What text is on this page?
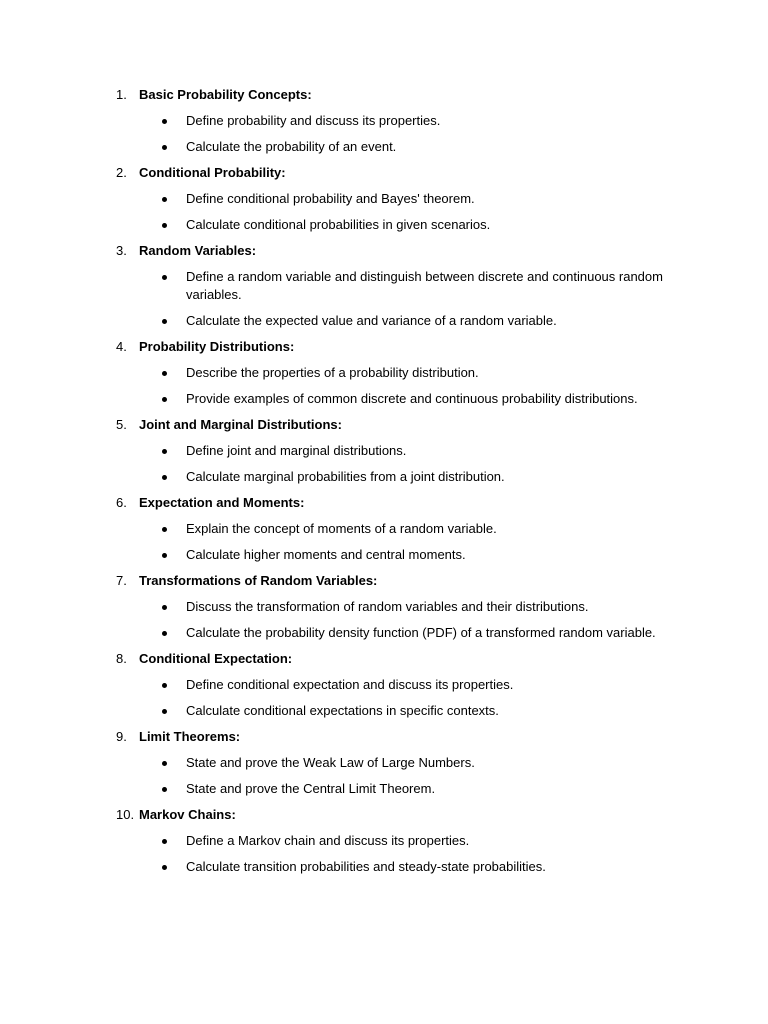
1. Basic Probability Concepts:
Define probability and discuss its properties.
Calculate the probability of an event.
2. Conditional Probability:
Define conditional probability and Bayes' theorem.
Calculate conditional probabilities in given scenarios.
3. Random Variables:
Define a random variable and distinguish between discrete and continuous random variables.
Calculate the expected value and variance of a random variable.
4. Probability Distributions:
Describe the properties of a probability distribution.
Provide examples of common discrete and continuous probability distributions.
5. Joint and Marginal Distributions:
Define joint and marginal distributions.
Calculate marginal probabilities from a joint distribution.
6. Expectation and Moments:
Explain the concept of moments of a random variable.
Calculate higher moments and central moments.
7. Transformations of Random Variables:
Discuss the transformation of random variables and their distributions.
Calculate the probability density function (PDF) of a transformed random variable.
8. Conditional Expectation:
Define conditional expectation and discuss its properties.
Calculate conditional expectations in specific contexts.
9. Limit Theorems:
State and prove the Weak Law of Large Numbers.
State and prove the Central Limit Theorem.
10. Markov Chains:
Define a Markov chain and discuss its properties.
Calculate transition probabilities and steady-state probabilities.
